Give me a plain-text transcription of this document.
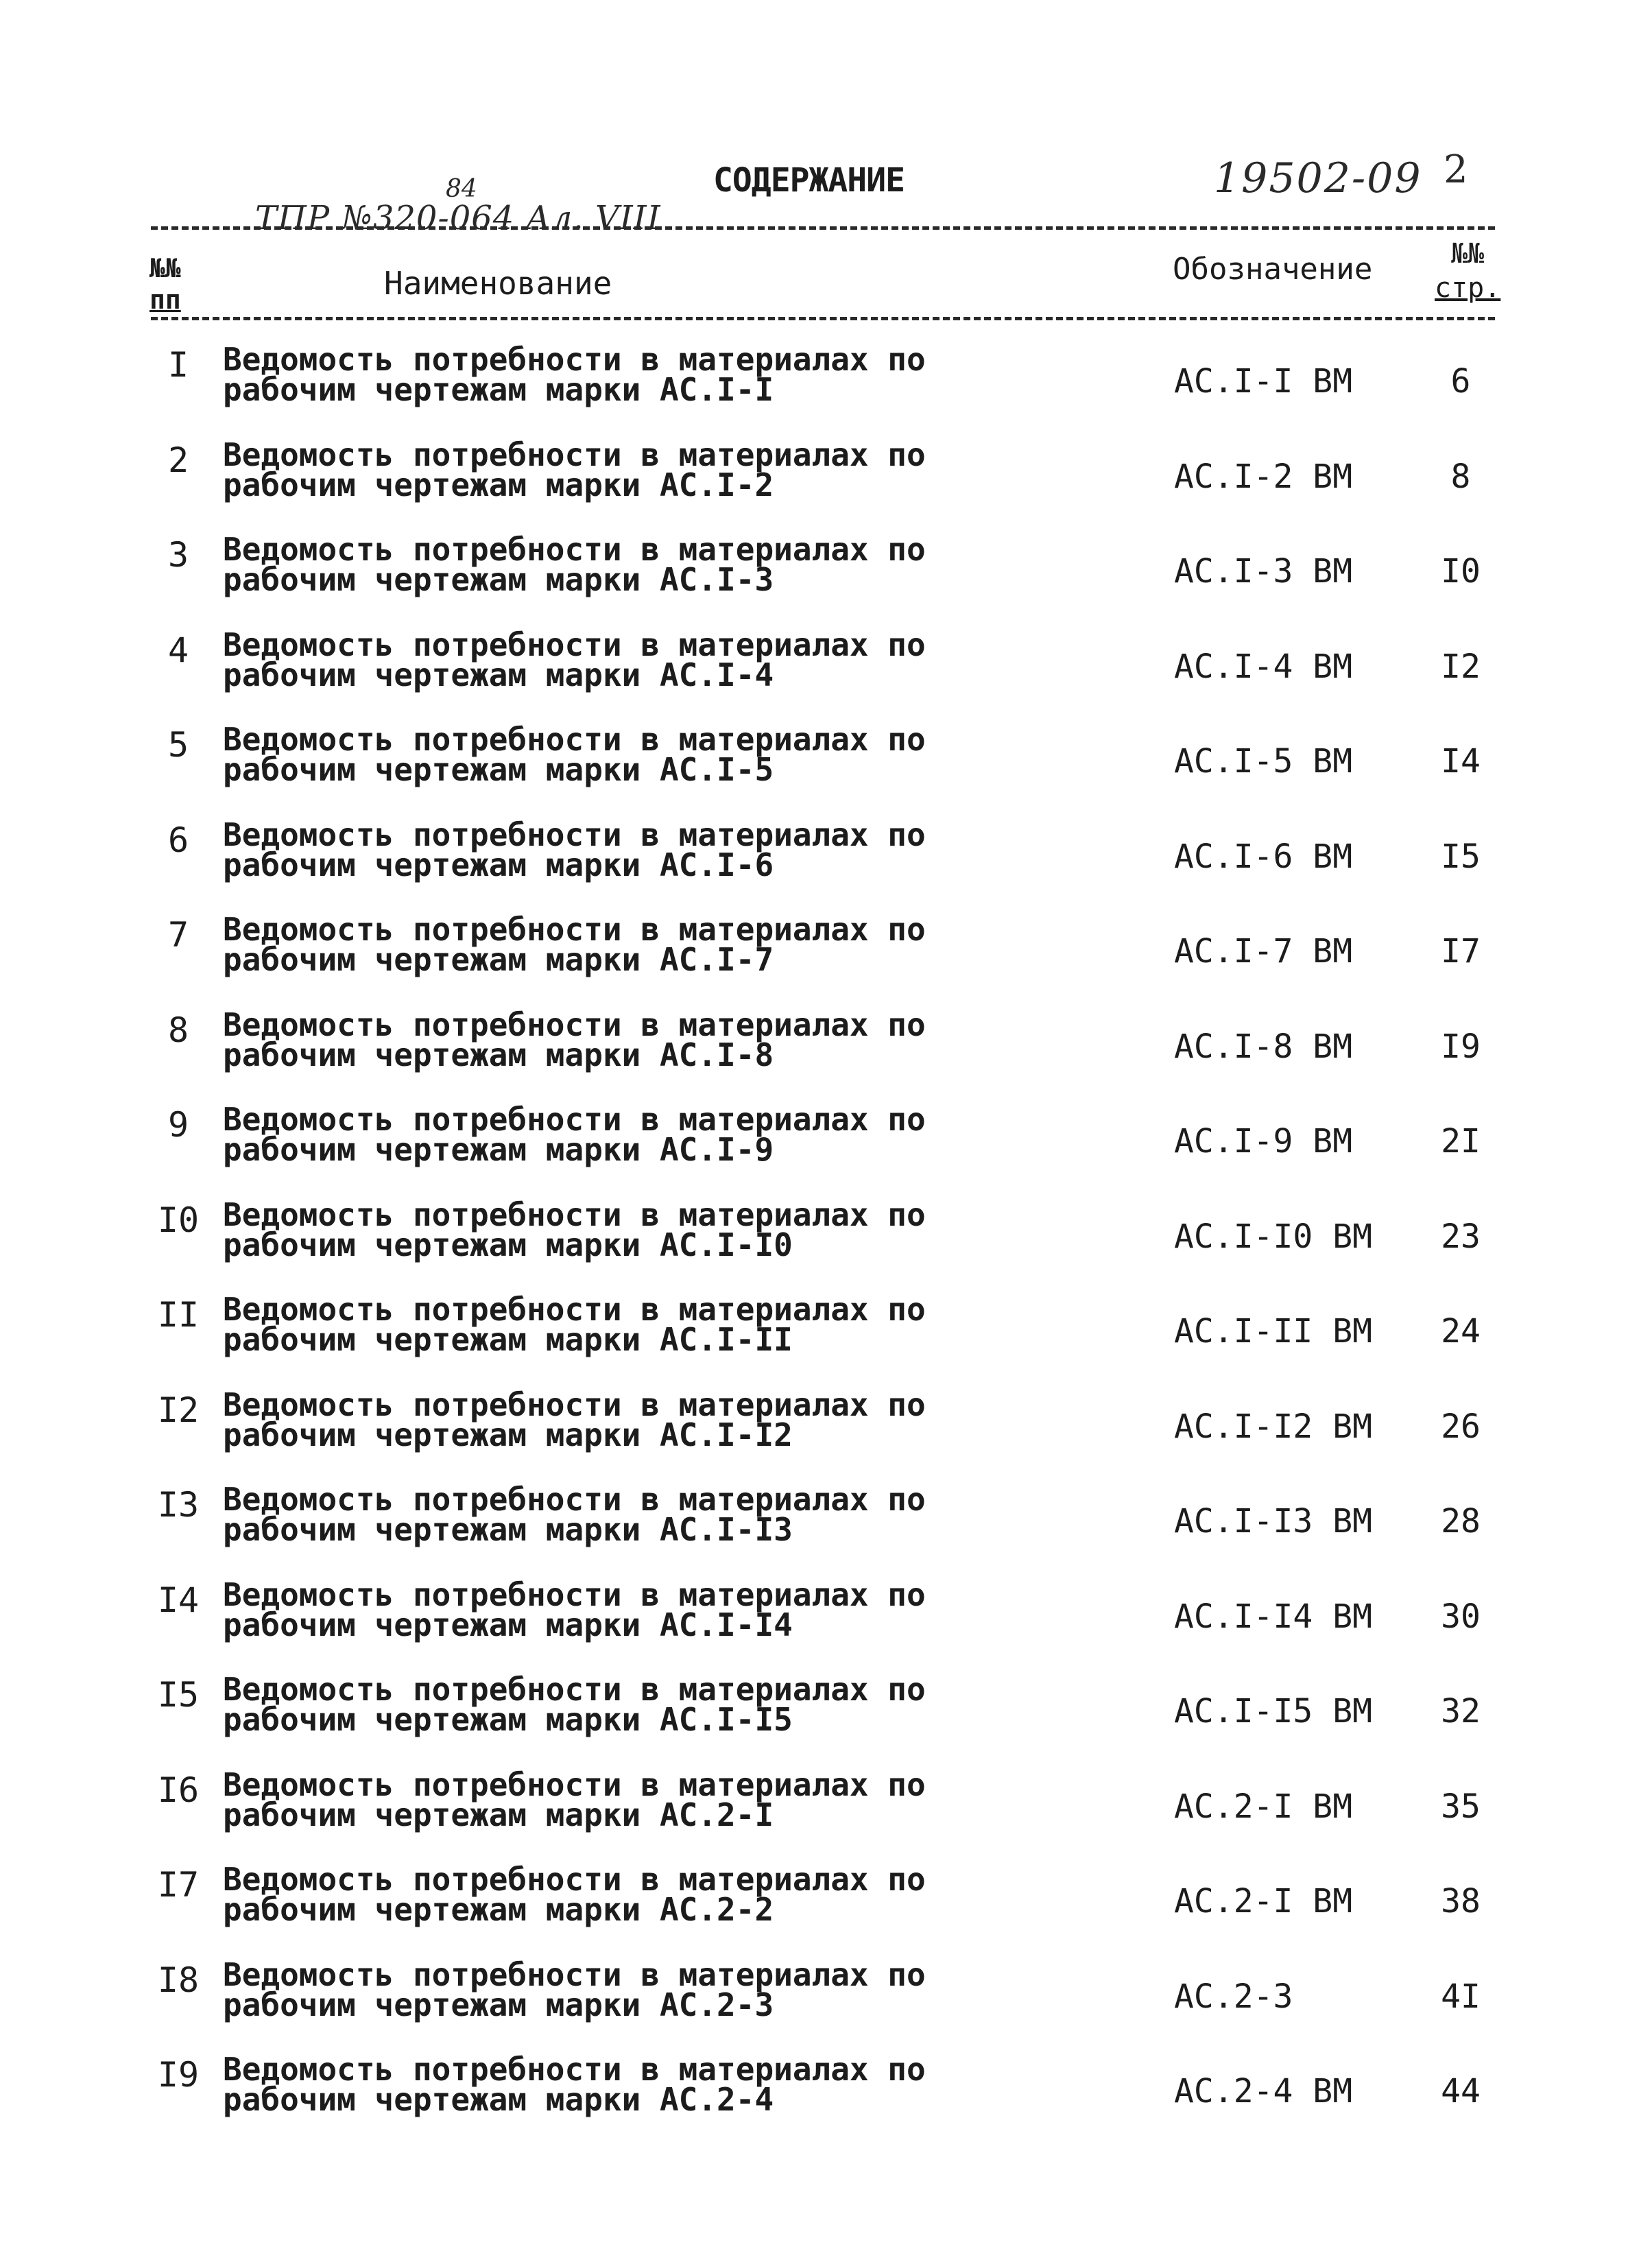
84
ТПР №320-064 Ал. VIII
СОДЕРЖАНИЕ	19502-09 2
№№
пп	Наименование	Обозначение	№№
стр.
I	Ведомость потребности в материалах по
рабочим чертежам марки АС.I-I	АС.I-I ВМ	6
2	Ведомость потребности в материалах по
рабочим чертежам марки АС.I-2	АС.I-2 ВМ	8
3	Ведомость потребности в материалах по
рабочим чертежам марки АС.I-3	АС.I-3 ВМ	I0
4	Ведомость потребности в материалах по
рабочим чертежам марки АС.I-4	АС.I-4 ВМ	I2
5	Ведомость потребности в материалах по
рабочим чертежам марки АС.I-5	АС.I-5 ВМ	I4
6	Ведомость потребности в материалах по
рабочим чертежам марки АС.I-6	АС.I-6 ВМ	I5
7	Ведомость потребности в материалах по
рабочим чертежам марки АС.I-7	АС.I-7 ВМ	I7
8	Ведомость потребности в материалах по
рабочим чертежам марки АС.I-8	АС.I-8 ВМ	I9
9	Ведомость потребности в материалах по
рабочим чертежам марки АС.I-9	АС.I-9 ВМ	2I
I0 Ведомость потребности в материалах по
рабочим чертежам марки АС.I-I0	АС.I-I0 ВМ	23
II Ведомость потребности в материалах по
рабочим чертежам марки АС.I-II	АС.I-II ВМ	24
I2 Ведомость потребности в материалах по
рабочим чертежам марки АС.I-I2	АС.I-I2 ВМ	26
I3 Ведомость потребности в материалах по
рабочим чертежам марки АС.I-I3	АС.I-I3 ВМ	28
I4 Ведомость потребности в материалах по
рабочим чертежам марки АС.I-I4	АС.I-I4 ВМ	30
I5 Ведомость потребности в материалах по
рабочим чертежам марки АС.I-I5	АС.I-I5 ВМ	32
I6 Ведомость потребности в материалах по
рабочим чертежам марки АС.2-I	АС.2-I ВМ	35
I7 Ведомость потребности в материалах по
рабочим чертежам марки АС.2-2	АС.2-I ВМ	38
I8 Ведомость потребности в материалах по
рабочим чертежам марки АС.2-3	АС.2-3	4I
I9 Ведомость потребности в материалах по
рабочим чертежам марки АС.2-4	АС.2-4 ВМ	44
